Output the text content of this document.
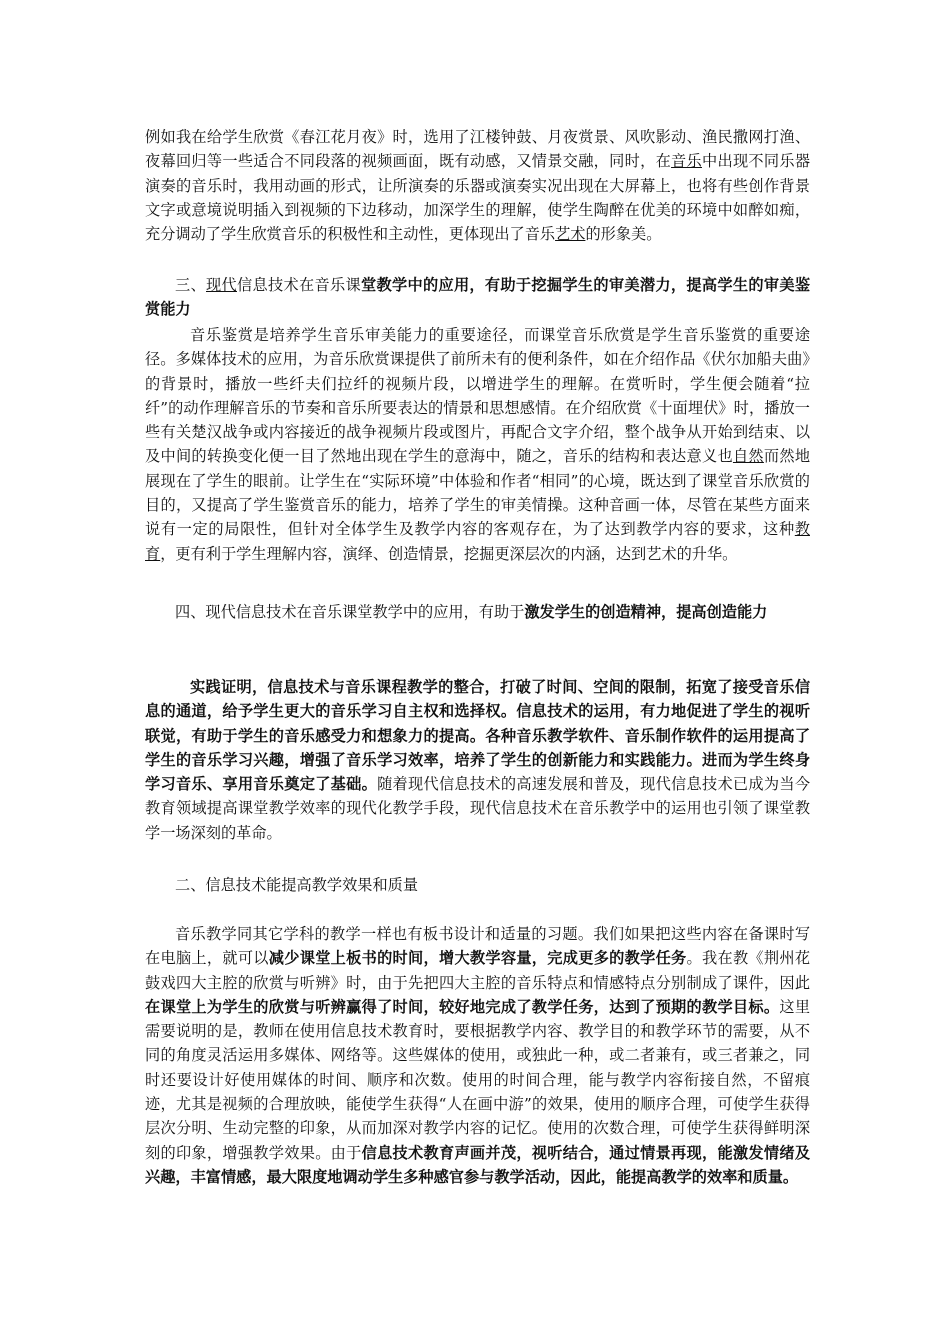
例如我在给学生欣赏《春江花月夜》时，选用了江楼钟鼓、月夜赏景、风吹影动、渔民撒网打渔、夜幕回归等一些适合不同段落的视频画面，既有动感，又情景交融，同时，在音乐中出现不同乐器演奏的音乐时，我用动画的形式，让所演奏的乐器或演奏实况出现在大屏幕上，也将有些创作背景文字或意境说明插入到视频的下边移动，加深学生的理解，使学生陶醉在优美的环境中如醉如痴，充分调动了学生欣赏音乐的积极性和主动性，更体现出了音乐艺术的形象美。
三、现代信息技术在音乐课堂教学中的应用，有助于挖掘学生的审美潜力，提高学生的审美鉴赏能力
音乐鉴赏是培养学生音乐审美能力的重要途径，而课堂音乐欣赏是学生音乐鉴赏的重要途径。多媒体技术的应用，为音乐欣赏课提供了前所未有的便利条件，如在介绍作品《伏尔加船夫曲》的背景时，播放一些纤夫们拉纤的视频片段，以增进学生的理解。在赏听时，学生便会随着“拉纤”的动作理解音乐的节奏和音乐所要表达的情景和思想感情。在介绍欣赏《十面埋伏》时，播放一些有关楚汉战争或内容接近的战争视频片段或图片，再配合文字介绍，整个战争从开始到结束、以及中间的转换变化便一目了然地出现在学生的意海中，随之，音乐的结构和表达意义也自然而然地展现在了学生的眼前。让学生在“实际环境”中体验和作者“相同”的心境，既达到了课堂音乐欣赏的目的，又提高了学生鉴赏音乐的能力，培养了学生的审美情操。这种音画一体，尽管在某些方面来说有一定的局限性，但针对全体学生及教学内容的客观存在，为了达到教学内容的要求，这种教育，更有利于学生理解内容，演绎、创造情景，挖掘更深层次的内涵，达到艺术的升华。
四、现代信息技术在音乐课堂教学中的应用，有助于激发学生的创造精神，提高创造能力
实践证明，信息技术与音乐课程教学的整合，打破了时间、空间的限制，拓宽了接受音乐信息的通道，给予学生更大的音乐学习自主权和选择权。信息技术的运用，有力地促进了学生的视听联觉，有助于学生的音乐感受力和想象力的提高。各种音乐教学软件、音乐制作软件的运用提高了学生的音乐学习兴趣，增强了音乐学习效率，培养了学生的创新能力和实践能力。进而为学生终身学习音乐、享用音乐奠定了基础。随着现代信息技术的高速发展和普及，现代信息技术已成为当今教育领域提高课堂教学效率的现代化教学手段，现代信息技术在音乐教学中的运用也引领了课堂教学一场深刻的革命。
二、信息技术能提高教学效果和质量
音乐教学同其它学科的教学一样也有板书设计和适量的习题。我们如果把这些内容在备课时写在电脑上，就可以减少课堂上板书的时间，增大教学容量，完成更多的教学任务。我在教《荆州花鼓戏四大主腔的欣赏与听辨》时，由于先把四大主腔的音乐特点和情感特点分别制成了课件，因此在课堂上为学生的欣赏与听辨赢得了时间，较好地完成了教学任务，达到了预期的教学目标。这里需要说明的是，教师在使用信息技术教育时，要根据教学内容、教学目的和教学环节的需要，从不同的角度灵活运用多媒体、网络等。这些媒体的使用，或独此一种，或二者兼有，或三者兼之，同时还要设计好使用媒体的时间、顺序和次数。使用的时间合理，能与教学内容衔接自然，不留痕迹，尤其是视频的合理放映，能使学生获得“人在画中游”的效果，使用的顺序合理，可使学生获得层次分明、生动完整的印象，从而加深对教学内容的记忆。使用的次数合理，可使学生获得鲜明深刻的印象，增强教学效果。由于信息技术教育声画并茂，视听结合，通过情景再现，能激发情绪及兴趣，丰富情感，最大限度地调动学生多种感官参与教学活动，因此，能提高教学的效率和质量。
